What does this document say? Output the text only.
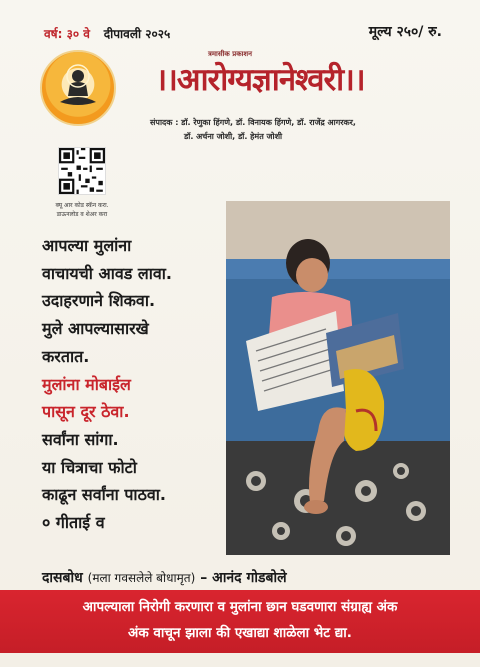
वर्ष: ३० वे दीपावली २०२५	मूल्य २५०/ रु.
त्रमासीक प्रकाशन
।।आरोग्यज्ञानेश्वरी।।
संपादक : डॉ. रेणुका हिंगणे, डॉ. विनायक हिंगणे, डॉ. राजेंद्र आगरकर,
डॉ. अर्चना जोशी, डॉ. हेमंत जोशी
क्यू आर कोड स्कॅन करा.
डाऊनलोड व शेअर करा
आपल्या मुलांना
वाचायची आवड लावा.
उदाहरणाने शिकवा.
मुले आपल्यासारखे
करतात.
मुलांना मोबाईल
पासून दूर ठेवा.
सर्वांना सांगा.
या चित्राचा फोटो
काढून सर्वांना पाठवा.
० गीताई व
दासबोध (मला गवसलेले बोधामृत) – आनंद गोडबोले
आपल्याला निरोगी करणारा व मुलांना छान घडवणारा संग्राह्य अंक
अंक वाचून झाला की एखाद्या शाळेला भेट द्या.
